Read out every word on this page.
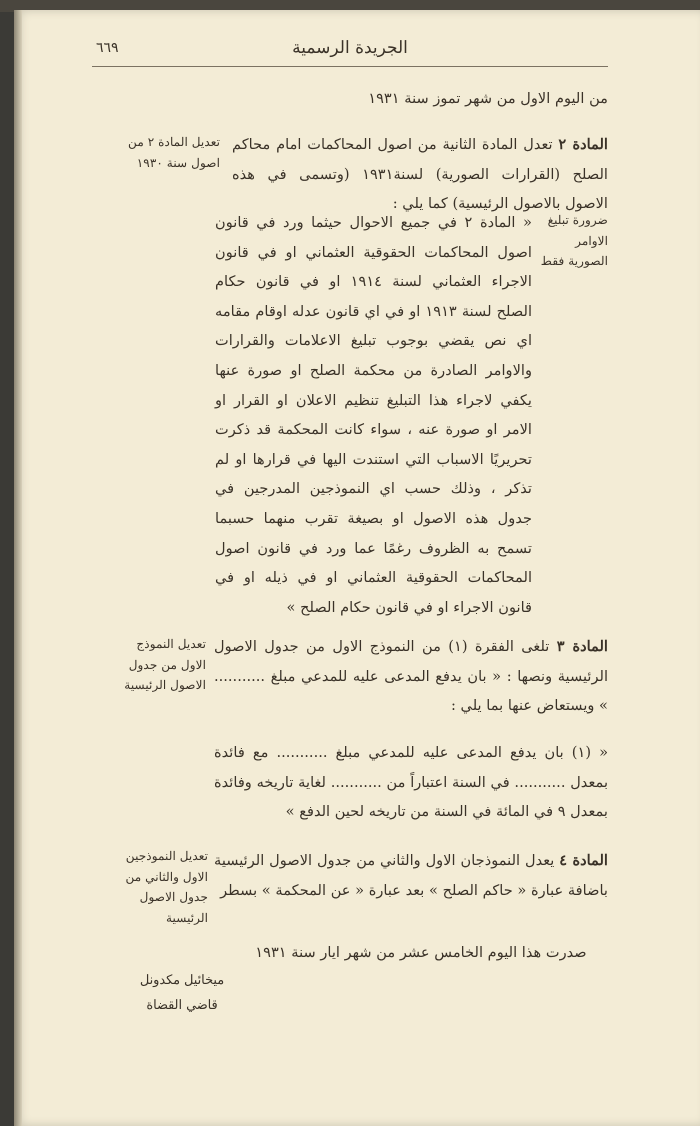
الجريدة الرسمية
٦٦٩
من اليوم الاول من شهر تموز سنة ١٩٣١
المادة ٢ تعدل المادة الثانية من اصول المحاكمات امام محاكم الصلح (القرارات الصورية) لسنة١٩٣١ (وتسمى في هذه الاصول بالاصول الرئيسية) كما يلي :
تعديل المادة ٢ من اصول سنة ١٩٣٠
« المادة ٢ في جميع الاحوال حيثما ورد في قانون اصول المحاكمات الحقوقية العثماني او في قانون الاجراء العثماني لسنة ١٩١٤ او في قانون حكام الصلح لسنة ١٩١٣ او في اي قانون عدله اوقام مقامه اي نص يقضي بوجوب تبليغ الاعلامات والقرارات والاوامر الصادرة من محكمة الصلح او صورة عنها يكفي لاجراء هذا التبليغ تنظيم الاعلان او القرار او الامر او صورة عنه ، سواء كانت المحكمة قد ذكرت تحريريًا الاسباب التي استندت اليها في قرارها او لم تذكر ، وذلك حسب اي النموذجين المدرجين في جدول هذه الاصول او بصيغة تقرب منهما حسبما تسمح به الظروف رغمًا عما ورد في قانون اصول المحاكمات الحقوقية العثماني او في ذيله او في قانون الاجراء او في قانون حكام الصلح »
ضرورة تبليغ الاوامر الصورية فقط
المادة ٣ تلغى الفقرة (١) من النموذج الاول من جدول الاصول الرئيسية ونصها : « بان يدفع المدعى عليه للمدعي مبلغ ........... » ويستعاض عنها بما يلي :
تعديل النموذج الاول من جدول الاصول الرئيسية
« (١) بان يدفع المدعى عليه للمدعي مبلغ ........... مع فائدة بمعدل ........... في السنة اعتباراً من ........... لغاية تاريخه وفائدة بمعدل ٩ في المائة في السنة من تاريخه لحين الدفع »
المادة ٤ يعدل النموذجان الاول والثاني من جدول الاصول الرئيسية باضافة عبارة « حاكم الصلح » بعد عبارة « عن المحكمة » بسطر
تعديل النموذجين الاول والثاني من جدول الاصول الرئيسية
صدرت هذا اليوم الخامس عشر من شهر ايار سنة ١٩٣١
ميخائيل مكدونل
قاضي القضاة
